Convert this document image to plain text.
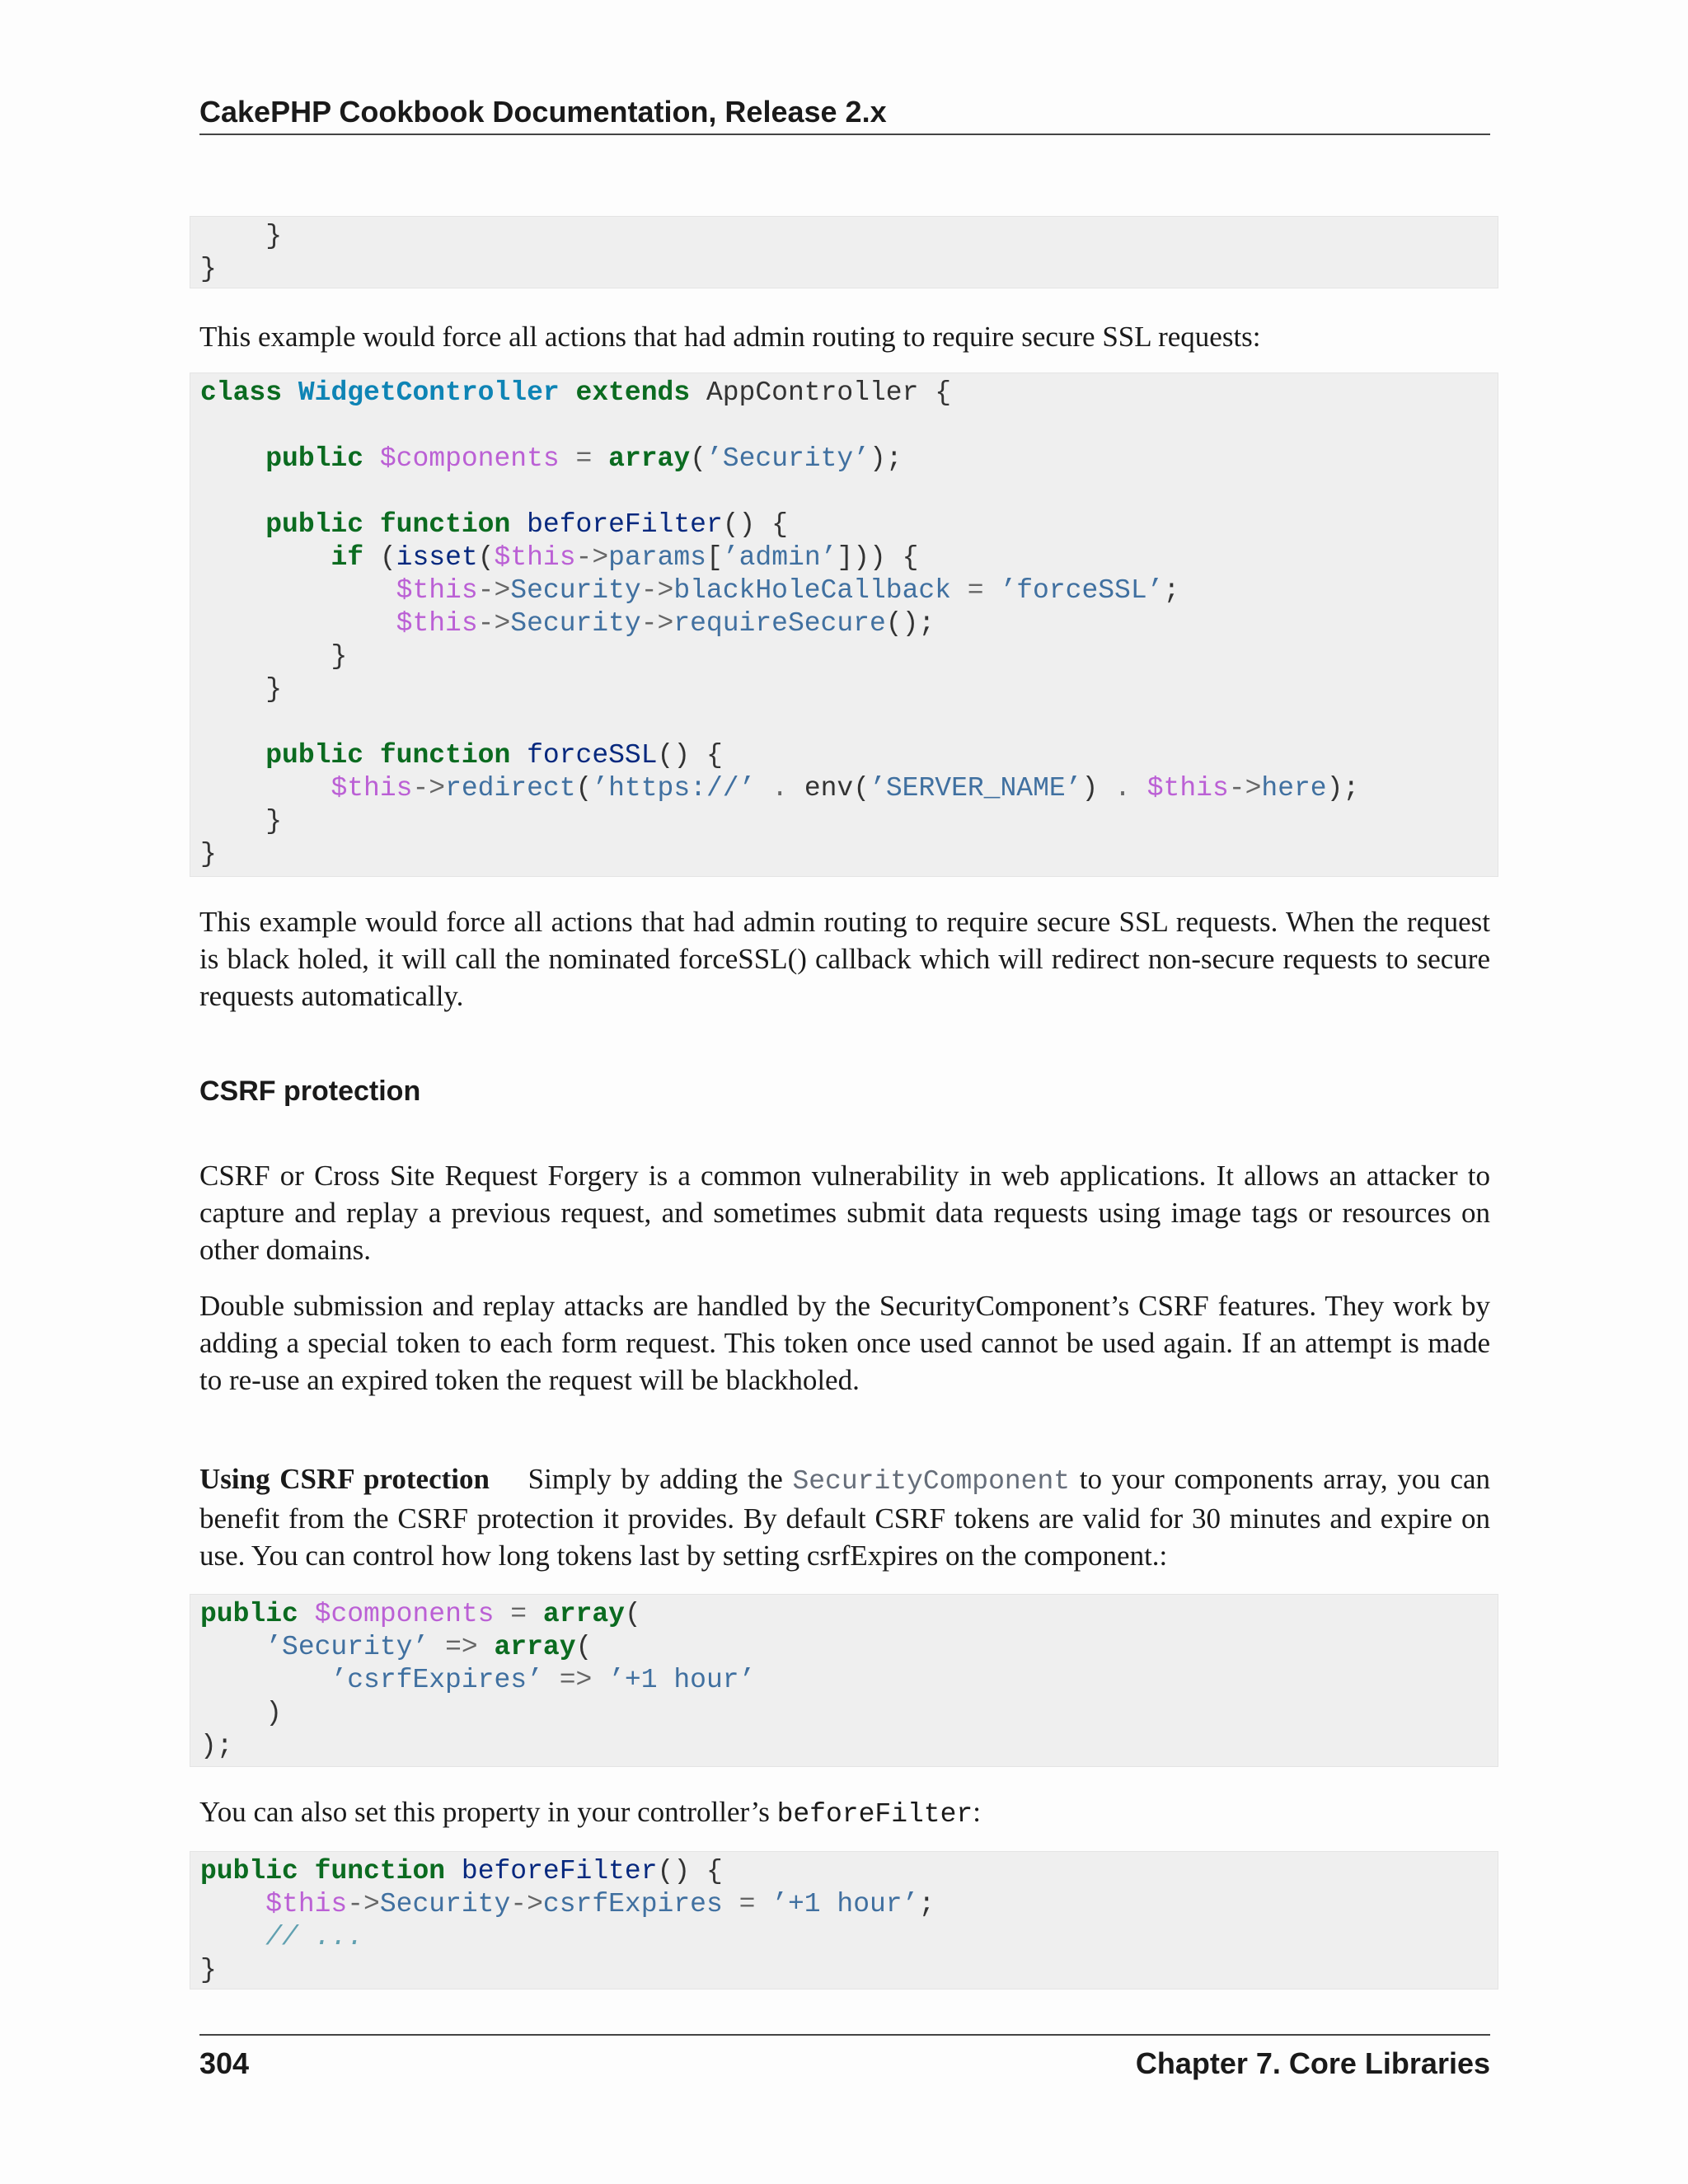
CakePHP Cookbook Documentation, Release 2.x
}
}

This example would force all actions that had admin routing to require secure SSL requests:

class WidgetController extends AppController {
public $components = array(’Security’);
public function beforeFilter() {
if (isset($this->params[’admin’])) {
$this->Security->blackHoleCallback = ’forceSSL’;
$this->Security->requireSecure();
}
}
public function forceSSL() {
$this->redirect(’https://’ . env(’SERVER_NAME’) . $this->here);
}
}

This example would force all actions that had admin routing to require secure SSL requests. When the request is black holed, it will call the nominated forceSSL() callback which will redirect non-secure requests to secure requests automatically.

CSRF protection

CSRF or Cross Site Request Forgery is a common vulnerability in web applications. It allows an attacker to capture and replay a previous request, and sometimes submit data requests using image tags or resources on other domains.

Double submission and replay attacks are handled by the SecurityComponent’s CSRF features. They work by adding a special token to each form request. This token once used cannot be used again. If an attempt is made to re-use an expired token the request will be blackholed.

Using CSRF protection Simply by adding the SecurityComponent to your components array, you can benefit from the CSRF protection it provides. By default CSRF tokens are valid for 30 minutes and expire on use. You can control how long tokens last by setting csrfExpires on the component.:

public $components = array(
’Security’ => array(
’csrfExpires’ => ’+1 hour’
)
);

You can also set this property in your controller’s beforeFilter:

public function beforeFilter() {
$this->Security->csrfExpires = ’+1 hour’;
// ...
}
304	Chapter 7. Core Libraries
